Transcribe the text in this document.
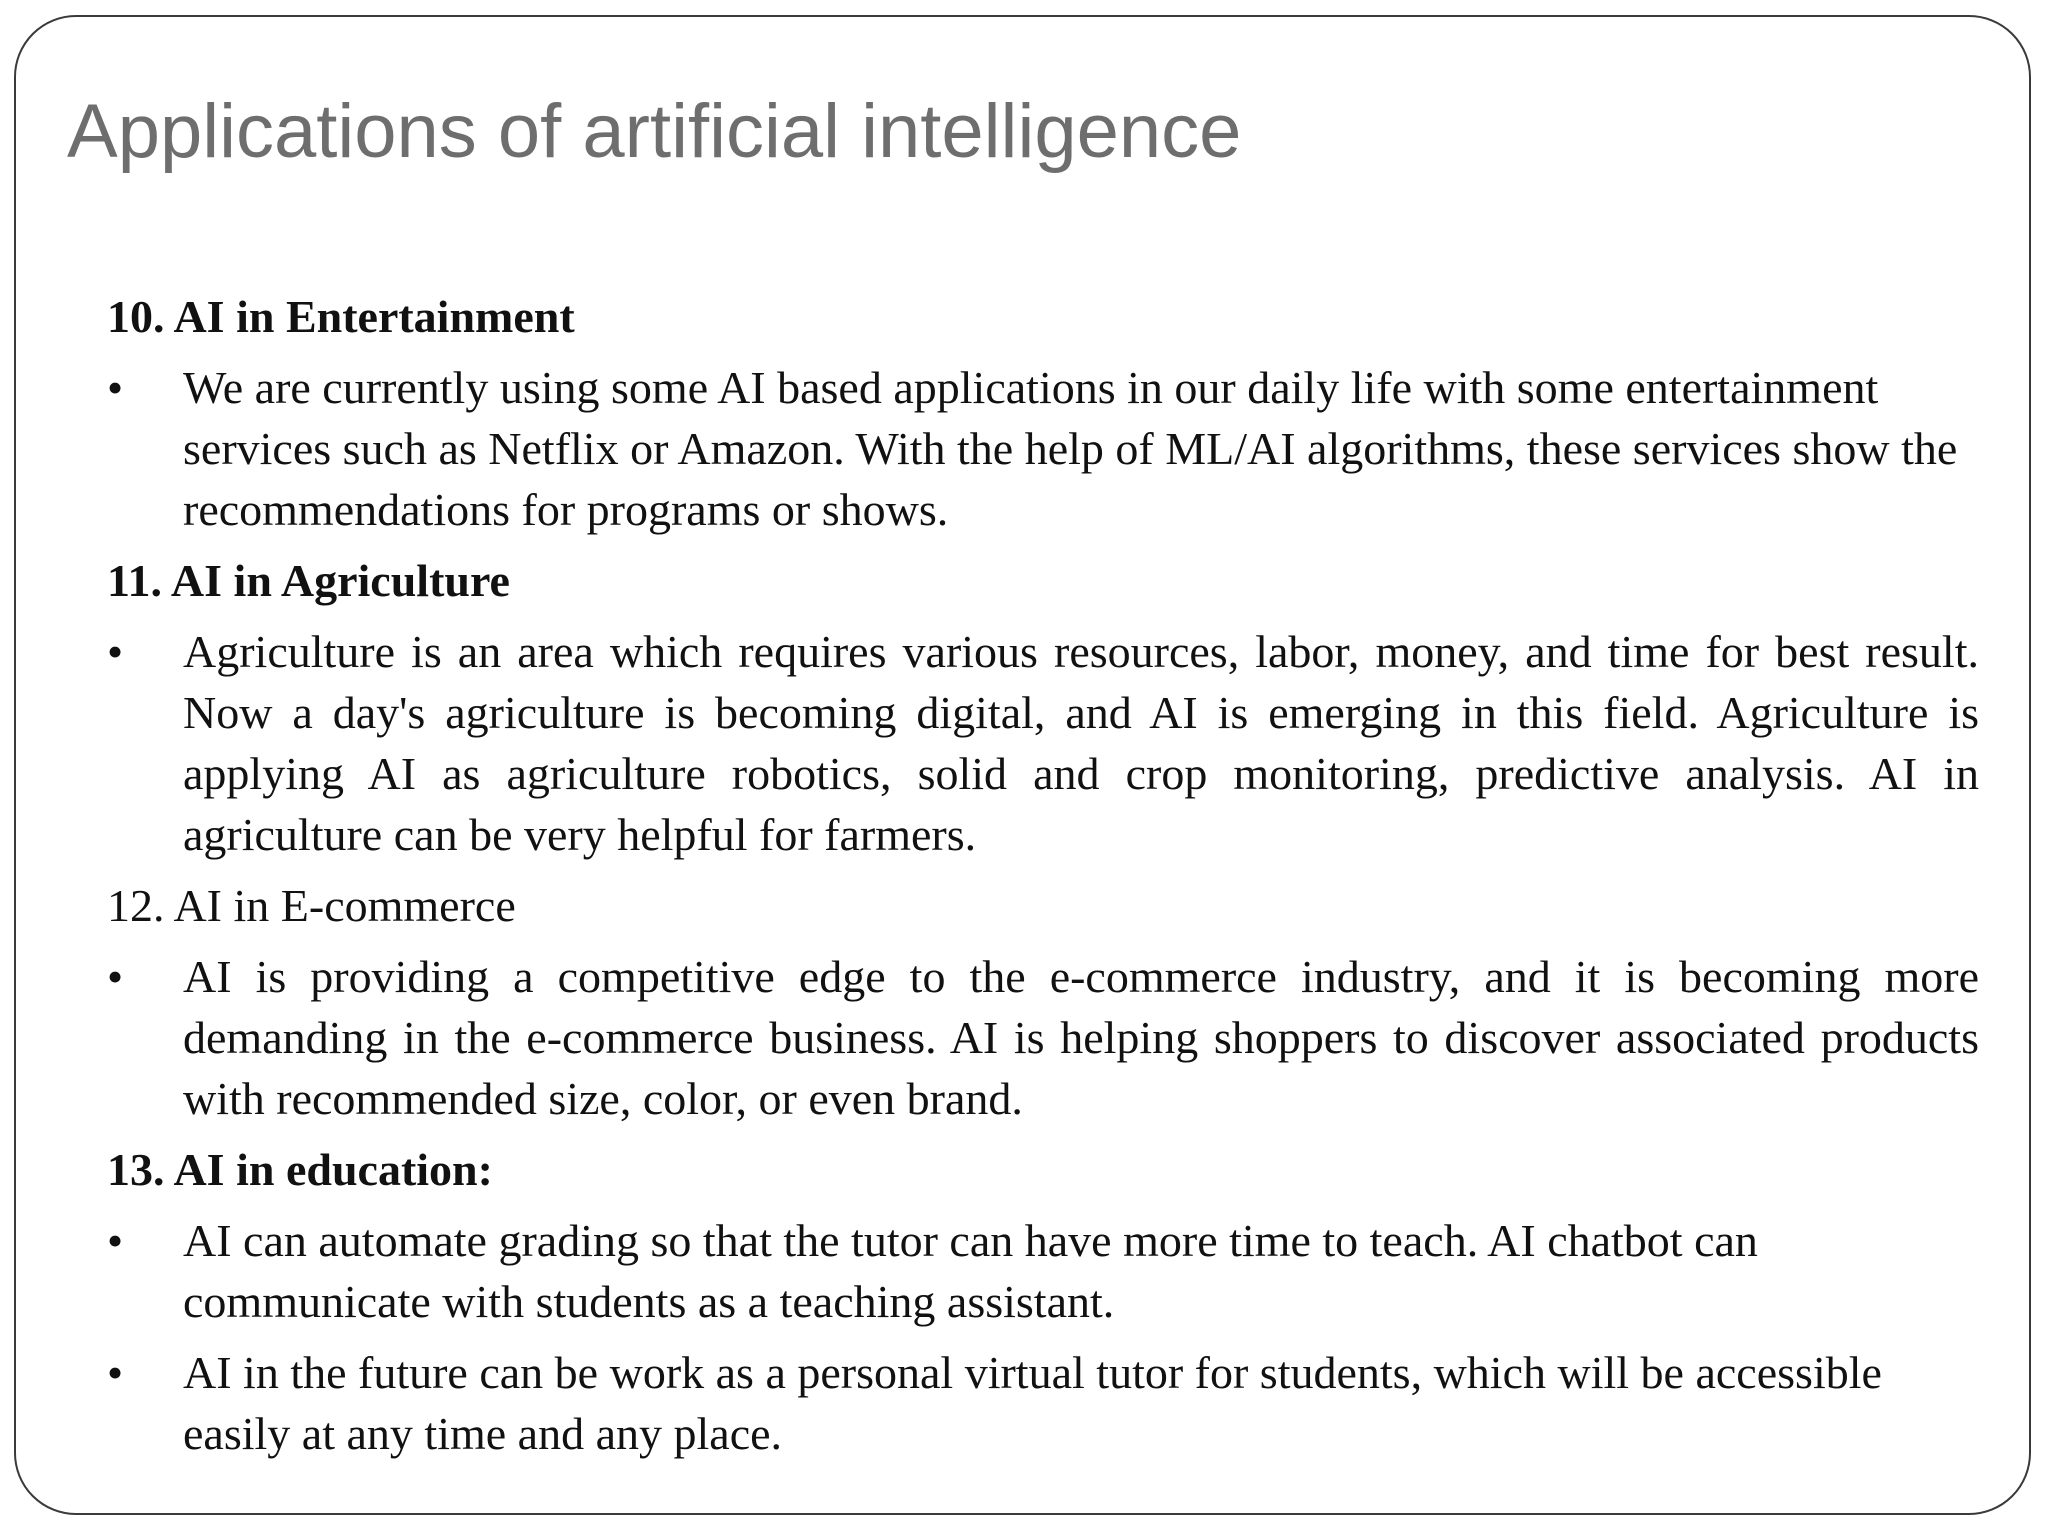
Applications of artificial intelligence

10. AI in Entertainment

•	We are currently using some AI based applications in our daily life with some entertainment services such as Netflix or Amazon. With the help of ML/AI algorithms, these services show the recommendations for programs or shows.

11. AI in Agriculture

•	Agriculture is an area which requires various resources, labor, money, and time for best result. Now a day's agriculture is becoming digital, and AI is emerging in this field. Agriculture is applying AI as agriculture robotics, solid and crop monitoring, predictive analysis. AI in agriculture can be very helpful for farmers.

12. AI in E-commerce

•	AI is providing a competitive edge to the e-commerce industry, and it is becoming more demanding in the e-commerce business. AI is helping shoppers to discover associated products with recommended size, color, or even brand.

13. AI in education:

•	AI can automate grading so that the tutor can have more time to teach. AI chatbot can communicate with students as a teaching assistant.
•	AI in the future can be work as a personal virtual tutor for students, which will be accessible easily at any time and any place.
